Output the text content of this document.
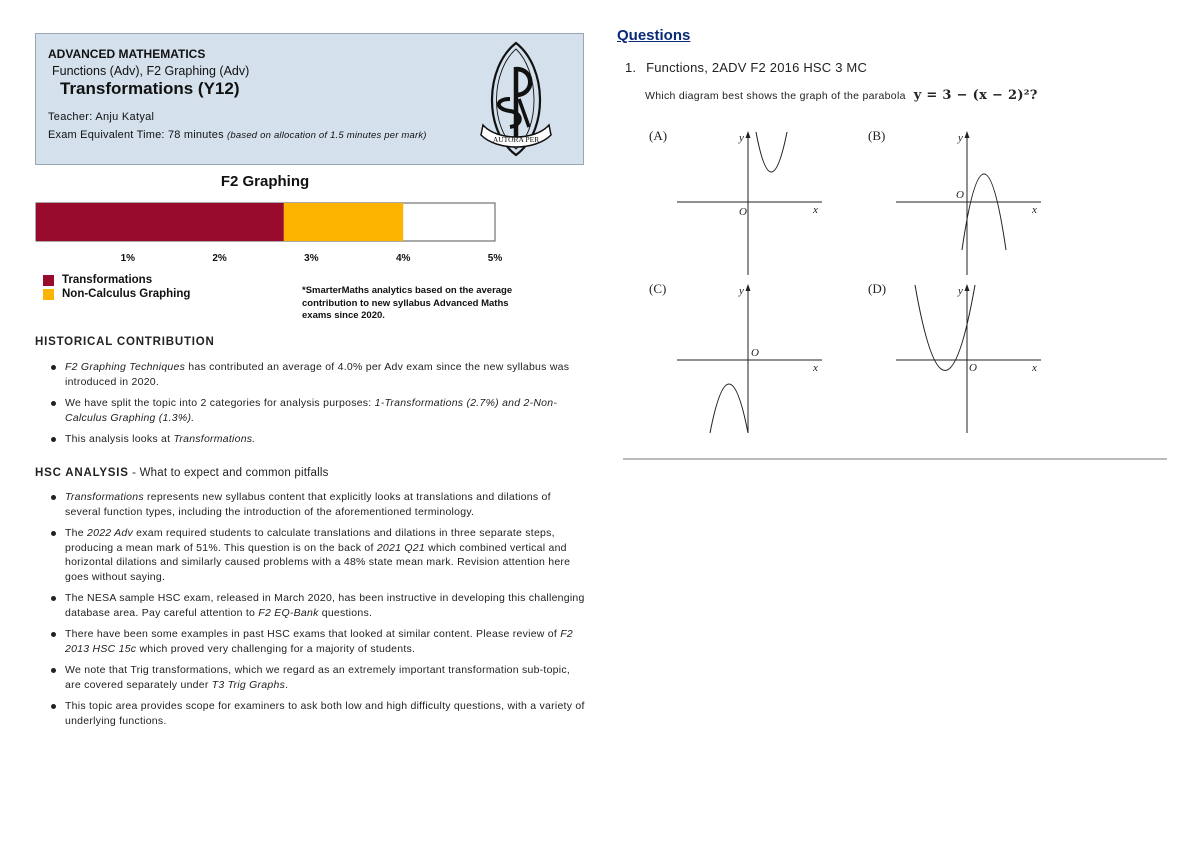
ADVANCED MATHEMATICS
Functions (Adv), F2 Graphing (Adv)
Transformations (Y12)
Teacher: Anju Katyal
Exam Equivalent Time: 78 minutes (based on allocation of 1.5 minutes per mark)	AUTORA PER
F2 Graphing
1%	2%	3%	4%	5%
Transformations
Non-Calculus Graphing	*SmarterMaths analytics based on the average contribution to new syllabus Advanced Maths exams since 2020.
HISTORICAL CONTRIBUTION
F2 Graphing Techniques has contributed an average of 4.0% per Adv exam since the new syllabus was introduced in 2020.
We have split the topic into 2 categories for analysis purposes: 1-Transformations (2.7%) and 2-Non-Calculus Graphing (1.3%).
This analysis looks at Transformations.
HSC ANALYSIS - What to expect and common pitfalls
Transformations represents new syllabus content that explicitly looks at translations and dilations of several function types, including the introduction of the aforementioned terminology.
The 2022 Adv exam required students to calculate translations and dilations in three separate steps, producing a mean mark of 51%. This question is on the back of 2021 Q21 which combined vertical and horizontal dilations and similarly caused problems with a 48% state mean mark. Revision attention here goes without saying.
The NESA sample HSC exam, released in March 2020, has been instructive in developing this challenging database area. Pay careful attention to F2 EQ-Bank questions.
There have been some examples in past HSC exams that looked at similar content. Please review of F2 2013 HSC 15c which proved very challenging for a majority of students.
We note that Trig transformations, which we regard as an extremely important transformation sub-topic, are covered separately under T3 Trig Graphs.
This topic area provides scope for examiners to ask both low and high difficulty questions, with a variety of underlying functions.
Questions
1. Functions, 2ADV F2 2016 HSC 3 MC
Which diagram best shows the graph of the parabola y = 3 − (x − 2)²?
(A)	(B)
(C)	(D)
y
O	x
y
O
x
y
O
x
y
O	x
